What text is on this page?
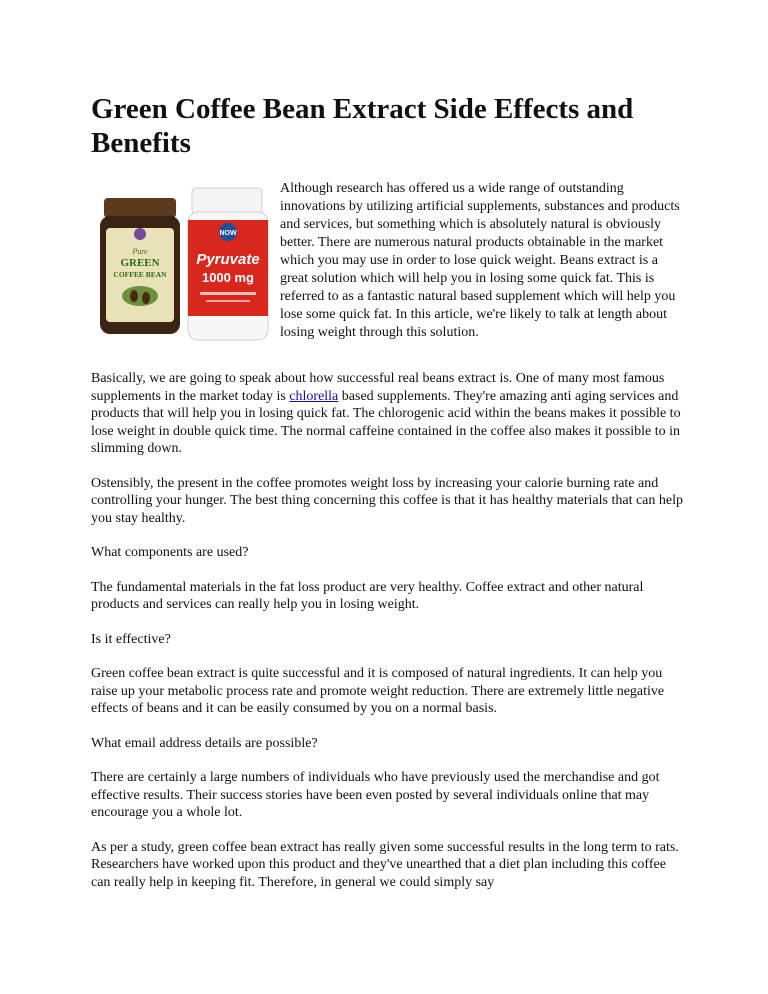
Green Coffee Bean Extract Side Effects and Benefits
Pure
GREEN
COFFEE BEAN
NOW
Pyruvate
1000 mg

Although research has offered us a wide range of outstanding innovations by utilizing artificial supplements, substances and products and services, but something which is absolutely natural is obviously better. There are numerous natural products obtainable in the market which you may use in order to lose quick weight. Beans extract is a great solution which will help you in losing some quick fat. This is referred to as a fantastic natural based supplement which will help you lose some quick fat. In this article, we're likely to talk at length about losing weight through this solution.

Basically, we are going to speak about how successful real beans extract is. One of many most famous supplements in the market today is chlorella based supplements. They're amazing anti aging services and products that will help you in losing quick fat. The chlorogenic acid within the beans makes it possible to lose weight in double quick time. The normal caffeine contained in the coffee also makes it possible to in slimming down.

Ostensibly, the present in the coffee promotes weight loss by increasing your calorie burning rate and controlling your hunger. The best thing concerning this coffee is that it has healthy materials that can help you stay healthy.

What components are used?

The fundamental materials in the fat loss product are very healthy. Coffee extract and other natural products and services can really help you in losing weight.

Is it effective?

Green coffee bean extract is quite successful and it is composed of natural ingredients. It can help you raise up your metabolic process rate and promote weight reduction. There are extremely little negative effects of beans and it can be easily consumed by you on a normal basis.

What email address details are possible?

There are certainly a large numbers of individuals who have previously used the merchandise and got effective results. Their success stories have been even posted by several individuals online that may encourage you a whole lot.

As per a study, green coffee bean extract has really given some successful results in the long term to rats. Researchers have worked upon this product and they've unearthed that a diet plan including this coffee can really help in keeping fit. Therefore, in general we could simply say
